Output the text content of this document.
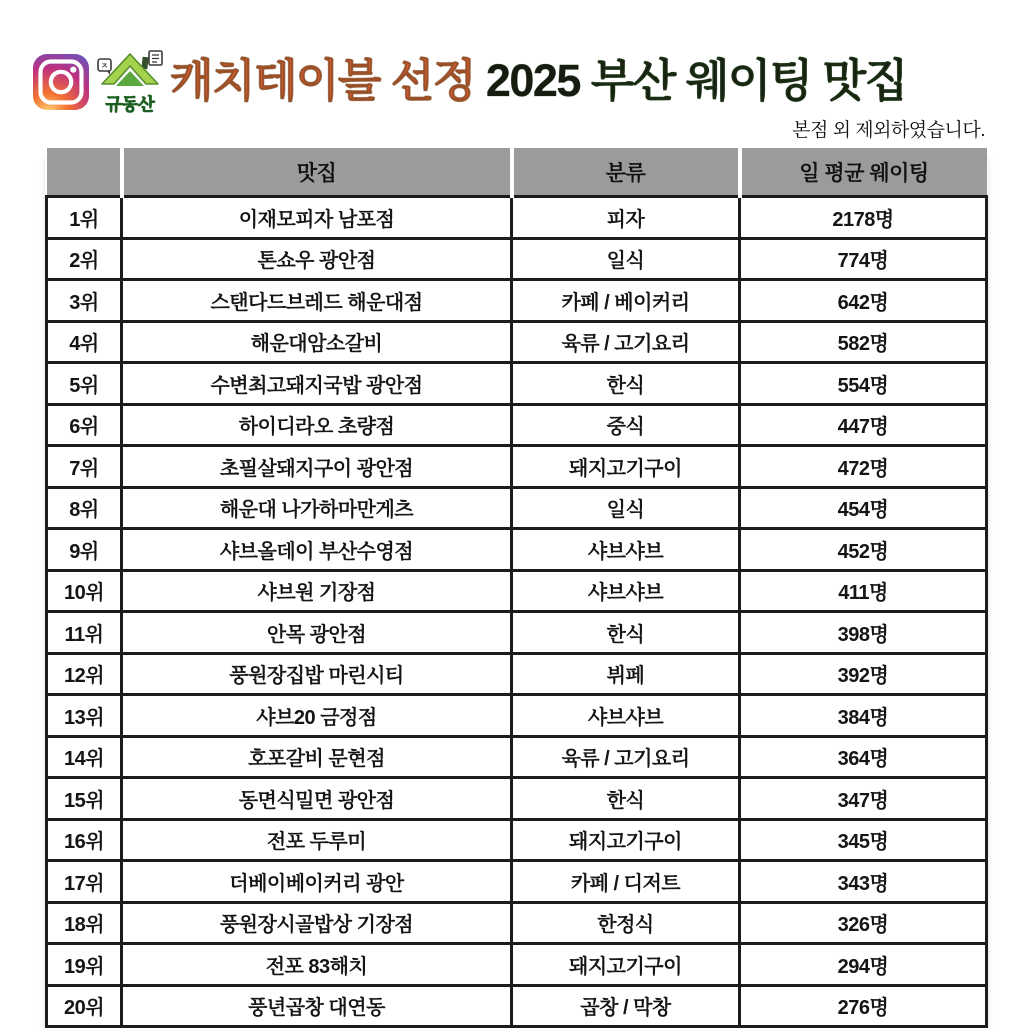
ㅈ
규동산 캐치테이블 선정 2025 부산 웨이팅 맛집
본점 외 제외하였습니다.
	맛집	분류	일 평균 웨이팅
1위	이재모피자 남포점	피자	2178명
2위	톤쇼우 광안점	일식	774명
3위	스탠다드브레드 해운대점	카페 / 베이커리	642명
4위	해운대암소갈비	육류 / 고기요리	582명
5위	수변최고돼지국밥 광안점	한식	554명
6위	하이디라오 초량점	중식	447명
7위	초필살돼지구이 광안점	돼지고기구이	472명
8위	해운대 나가하마만게츠	일식	454명
9위	샤브올데이 부산수영점	샤브샤브	452명
10위	샤브원 기장점	샤브샤브	411명
11위	안목 광안점	한식	398명
12위	풍원장집밥 마린시티	뷔페	392명
13위	샤브20 금정점	샤브샤브	384명
14위	호포갈비 문현점	육류 / 고기요리	364명
15위	동면식밀면 광안점	한식	347명
16위	전포 두루미	돼지고기구이	345명
17위	더베이베이커리 광안	카페 / 디저트	343명
18위	풍원장시골밥상 기장점	한정식	326명
19위	전포 83해치	돼지고기구이	294명
20위	풍년곱창 대연동	곱창 / 막창	276명
